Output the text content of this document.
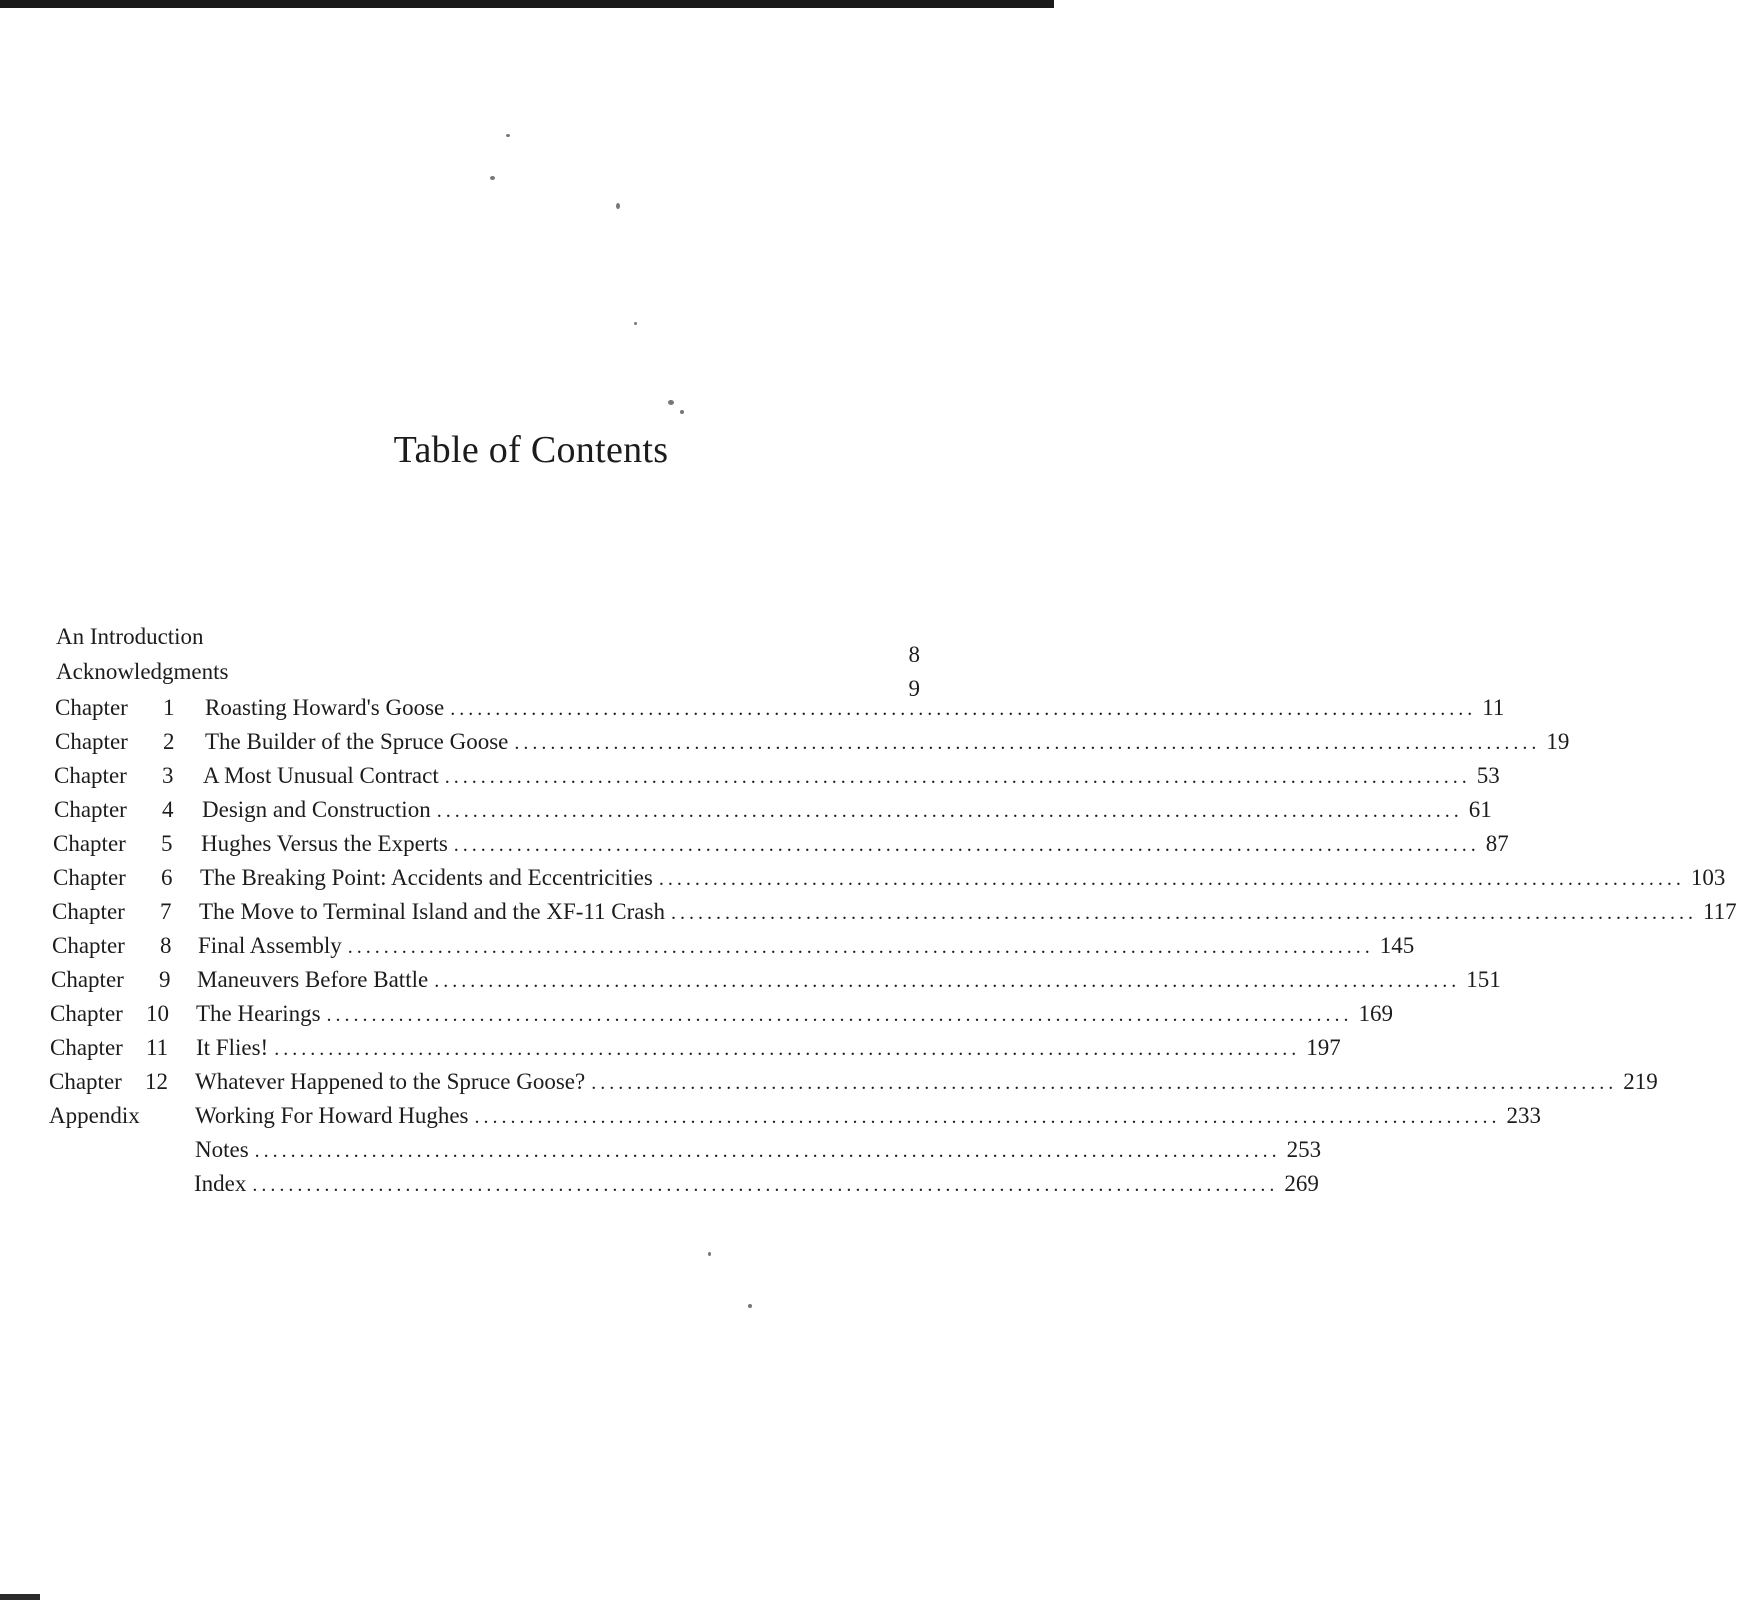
Table of Contents
An Introduction
8
Acknowledgments
9
Chapter 1 Roasting Howard's Goose .................................................................................................................. 11
Chapter 2 The Builder of the Spruce Goose .................................................................................................................. 19
Chapter 3 A Most Unusual Contract .................................................................................................................. 53
Chapter 4 Design and Construction .................................................................................................................. 61
Chapter 5 Hughes Versus the Experts .................................................................................................................. 87
Chapter 6 The Breaking Point: Accidents and Eccentricities .................................................................................................................. 103
Chapter 7 The Move to Terminal Island and the XF-11 Crash .................................................................................................................. 117
Chapter 8 Final Assembly .................................................................................................................. 145
Chapter 9 Maneuvers Before Battle .................................................................................................................. 151
Chapter 10 The Hearings .................................................................................................................. 169
Chapter 11 It Flies! .................................................................................................................. 197
Chapter 12 Whatever Happened to the Spruce Goose? .................................................................................................................. 219
Appendix Working For Howard Hughes .................................................................................................................. 233
Notes .................................................................................................................. 253
Index .................................................................................................................. 269
